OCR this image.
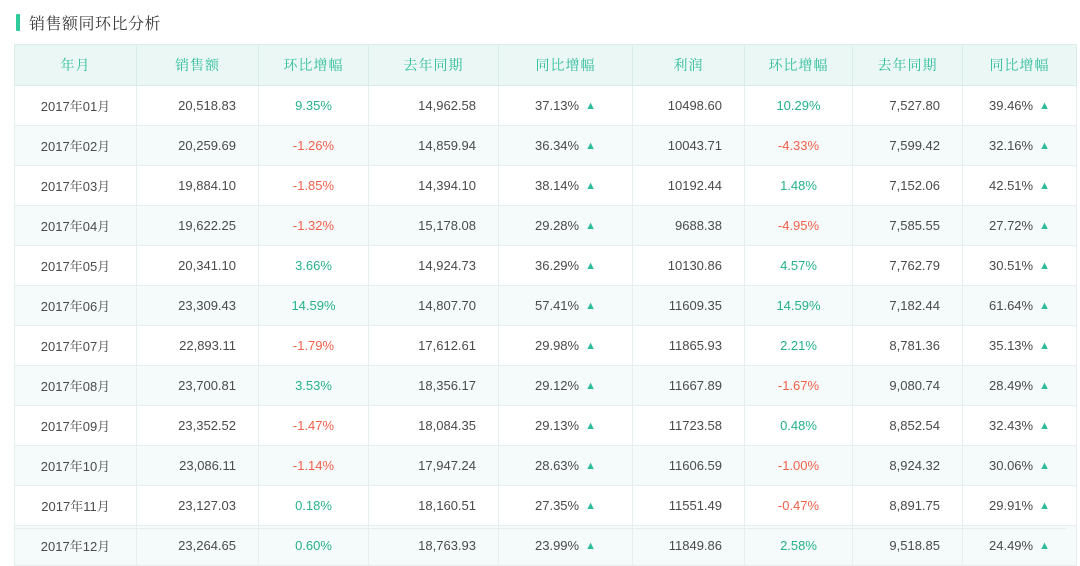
销售额同环比分析
年月	销售额	环比增幅	去年同期	同比增幅	利润	环比增幅	去年同期	同比增幅
2017年01月	20,518.83	9.35%	14,962.58	37.13% ▲	10498.60	10.29%	7,527.80	39.46% ▲
2017年02月	20,259.69	-1.26%	14,859.94	36.34% ▲	10043.71	-4.33%	7,599.42	32.16% ▲
2017年03月	19,884.10	-1.85%	14,394.10	38.14% ▲	10192.44	1.48%	7,152.06	42.51% ▲
2017年04月	19,622.25	-1.32%	15,178.08	29.28% ▲	9688.38	-4.95%	7,585.55	27.72% ▲
2017年05月	20,341.10	3.66%	14,924.73	36.29% ▲	10130.86	4.57%	7,762.79	30.51% ▲
2017年06月	23,309.43	14.59%	14,807.70	57.41% ▲	11609.35	14.59%	7,182.44	61.64% ▲
2017年07月	22,893.11	-1.79%	17,612.61	29.98% ▲	11865.93	2.21%	8,781.36	35.13% ▲
2017年08月	23,700.81	3.53%	18,356.17	29.12% ▲	11667.89	-1.67%	9,080.74	28.49% ▲
2017年09月	23,352.52	-1.47%	18,084.35	29.13% ▲	11723.58	0.48%	8,852.54	32.43% ▲
2017年10月	23,086.11	-1.14%	17,947.24	28.63% ▲	11606.59	-1.00%	8,924.32	30.06% ▲
2017年11月	23,127.03	0.18%	18,160.51	27.35% ▲	11551.49	-0.47%	8,891.75	29.91% ▲
2017年12月	23,264.65	0.60%	18,763.93	23.99% ▲	11849.86	2.58%	9,518.85	24.49% ▲
